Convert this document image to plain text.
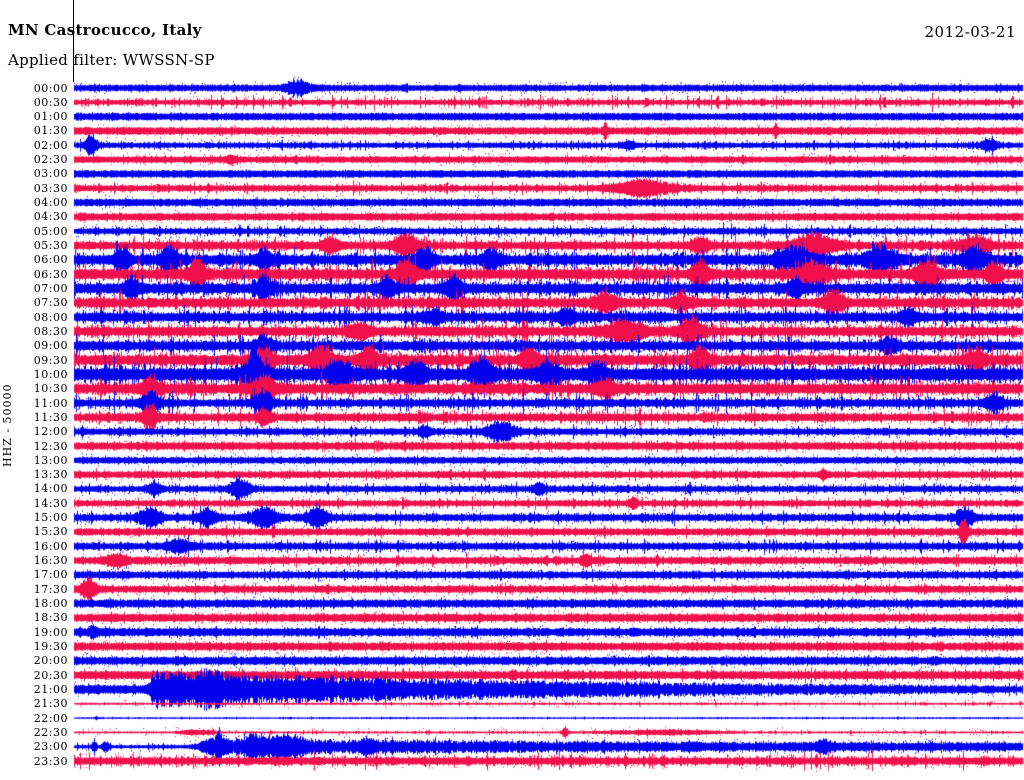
MN Castrocucco, Italy
Applied filter: WWSSN-SP
2012-03-21
HHZ - 50000
00:00
00:30
01:00
01:30
02:00
02:30
03:00
03:30
04:00
04:30
05:00
05:30
06:00
06:30
07:00
07:30
08:00
08:30
09:00
09:30
10:00
10:30
11:00
11:30
12:00
12:30
13:00
13:30
14:00
14:30
15:00
15:30
16:00
16:30
17:00
17:30
18:00
18:30
19:00
19:30
20:00
20:30
21:00
21:30
22:00
22:30
23:00
23:30
